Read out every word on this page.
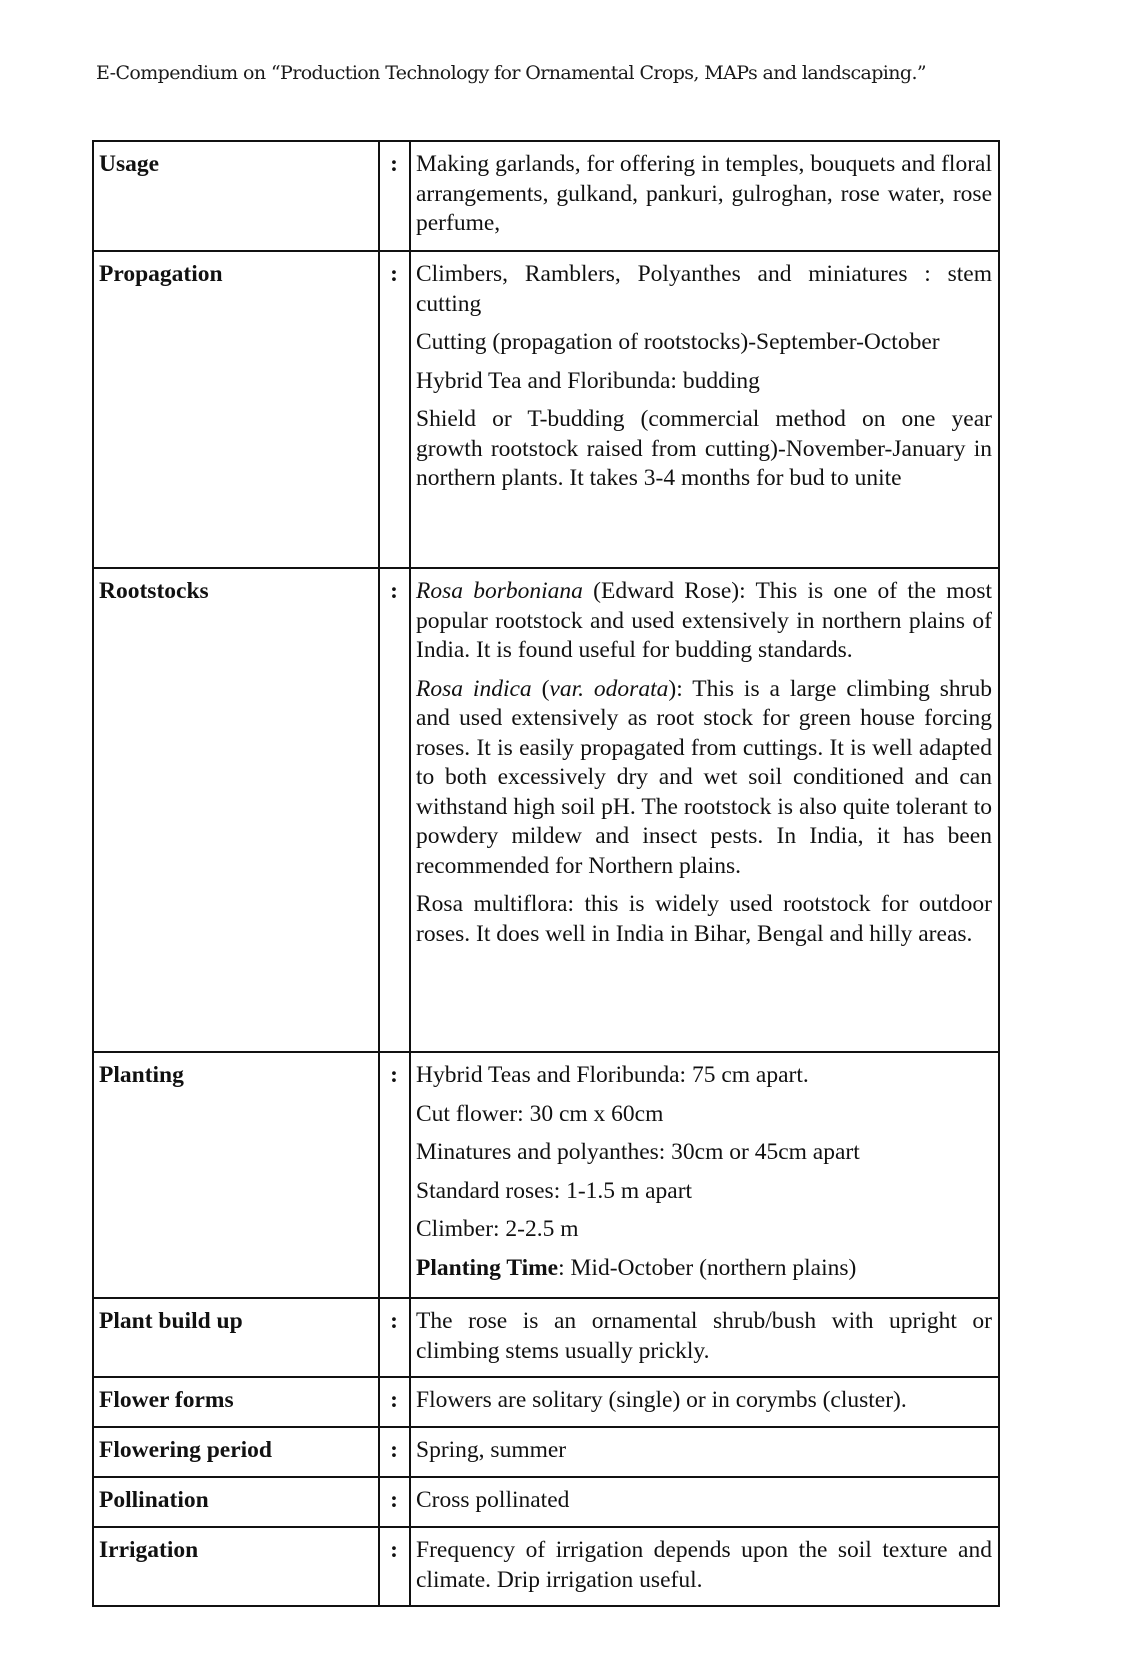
E-Compendium on “Production Technology for Ornamental Crops, MAPs and landscaping.”
Usage	:	Making garlands, for offering in temples, bouquets and floral arrangements, gulkand, pankuri, gulroghan, rose water, rose perfume,

Propagation	:	Climbers, Ramblers, Polyanthes and miniatures : stem cutting

Cutting (propagation of rootstocks)-September-October

Hybrid Tea and Floribunda: budding

Shield or T-budding (commercial method on one year growth rootstock raised from cutting)-November-January in northern plants. It takes 3-4 months for bud to unite

Rootstocks	:	Rosa borboniana (Edward Rose): This is one of the most popular rootstock and used extensively in northern plains of India. It is found useful for budding standards.

Rosa indica (var. odorata): This is a large climbing shrub and used extensively as root stock for green house forcing roses. It is easily propagated from cuttings. It is well adapted to both excessively dry and wet soil conditioned and can withstand high soil pH. The rootstock is also quite tolerant to powdery mildew and insect pests. In India, it has been recommended for Northern plains.

Rosa multiflora: this is widely used rootstock for outdoor roses. It does well in India in Bihar, Bengal and hilly areas.

Planting	:	Hybrid Teas and Floribunda: 75 cm apart.

Cut flower: 30 cm x 60cm

Minatures and polyanthes: 30cm or 45cm apart

Standard roses: 1-1.5 m apart

Climber: 2-2.5 m

Planting Time: Mid-October (northern plains)

Plant build up	:	The rose is an ornamental shrub/bush with upright or climbing stems usually prickly.

Flower forms	:	Flowers are solitary (single) or in corymbs (cluster).

Flowering period	:	Spring, summer

Pollination	:	Cross pollinated

Irrigation	:	Frequency of irrigation depends upon the soil texture and climate. Drip irrigation useful.
